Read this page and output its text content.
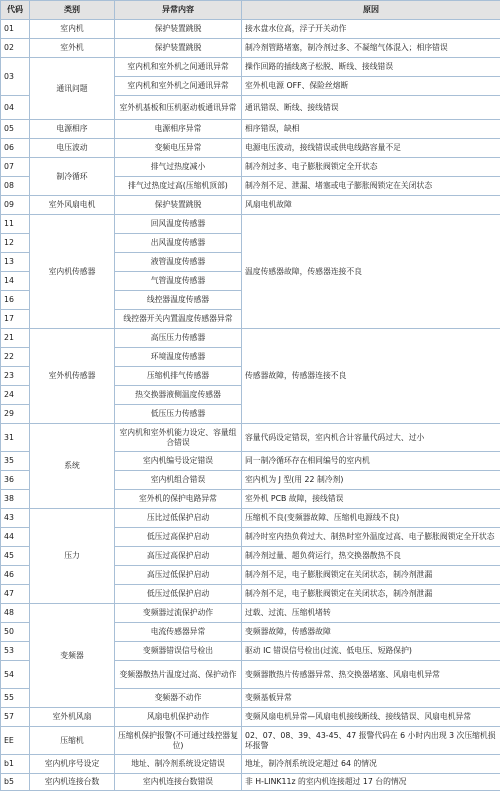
代码	类别	异常内容	原因
01	室内机	保护装置跳脱	接水盘水位高，浮子开关动作
02	室外机	保护装置跳脱	制冷剂管路堵塞，制冷剂过多、不凝缩气体混入；相序错误
03	通讯问题	室内机和室外机之间通讯异常	操作回路的插线离子松脱、断线、接线错误
		室内机和室外机之间通讯异常	室外机电源 OFF、保险丝熔断
04		室外机基板和压机驱动板通讯异常	通讯错误、断线、接线错误
05	电源相序	电源相序异常	相序错误，缺相
06	电压波动	变频电压异常	电源电压波动，接线错误或供电线路容量不足
07	制冷循环	排气过热度减小	制冷剂过多、电子膨胀阀锁定全开状态
08		排气过热度过高(压缩机顶部)	制冷剂不足、泄漏、堵塞或电子膨胀阀锁定在关闭状态
09	室外风扇电机	保护装置跳脱	风扇电机故障
11	室内机传感器	回风温度传感器	温度传感器故障，传感器连接不良
12		出风温度传感器	
13		液管温度传感器	
14		气管温度传感器	
16		线控器温度传感器	
17		线控器开关内置温度传感器异常	
21	室外机传感器	高压压力传感器	传感器故障，传感器连接不良
22		环境温度传感器	
23		压缩机排气传感器	
24		热交换器液侧温度传感器	
29		低压压力传感器	
31	系统	室内机和室外机能力设定、容量组合错误	容量代码设定错误，室内机合计容量代码过大、过小
35		室内机编号设定错误	同一制冷循环存在相同编号的室内机
36		室内机组合错误	室内机为 J 型(用 22 制冷剂)
38		室外机的保护电路异常	室外机 PCB 故障，接线错误
43	压力	压比过低保护启动	压缩机不良(变频器故障、压缩机电源线不良)
44		低压过高保护启动	制冷时室内热负荷过大、制热时室外温度过高、电子膨胀阀锁定全开状态
45		高压过高保护启动	制冷剂过量、超负荷运行，热交换器散热不良
46		高压过低保护启动	制冷剂不足，电子膨胀阀锁定在关闭状态，制冷剂泄漏
47		低压过低保护启动	制冷剂不足，电子膨胀阀锁定在关闭状态，制冷剂泄漏
48	变频器	变频器过流保护动作	过载、过流、压缩机堵转
50		电流传感器异常	变频器故障，传感器故障
53		变频器错误信号检出	驱动 IC 错误信号检出(过流、低电压、短路保护)
54		变频器散热片温度过高、保护动作	变频器散热片传感器异常、热交换器堵塞、风扇电机异常
55		变频器不动作	变频基板异常
57	室外机风扇	风扇电机保护动作	变频风扇电机异常—风扇电机接线断线、接线错误、风扇电机异常
EE	压缩机	压缩机保护报警(不可通过线控器复位)	02、07、08、39、43-45、47 报警代码在 6 小时内出现 3 次压缩机损坏报警
b1	室内机序号设定	地址、制冷剂系统设定错误	地址，制冷剂系统设定超过 64 的情况
b5	室内机连接台数	室内机连接台数错误	非 H-LINK11z 的室内机连接超过 17 台的情况
